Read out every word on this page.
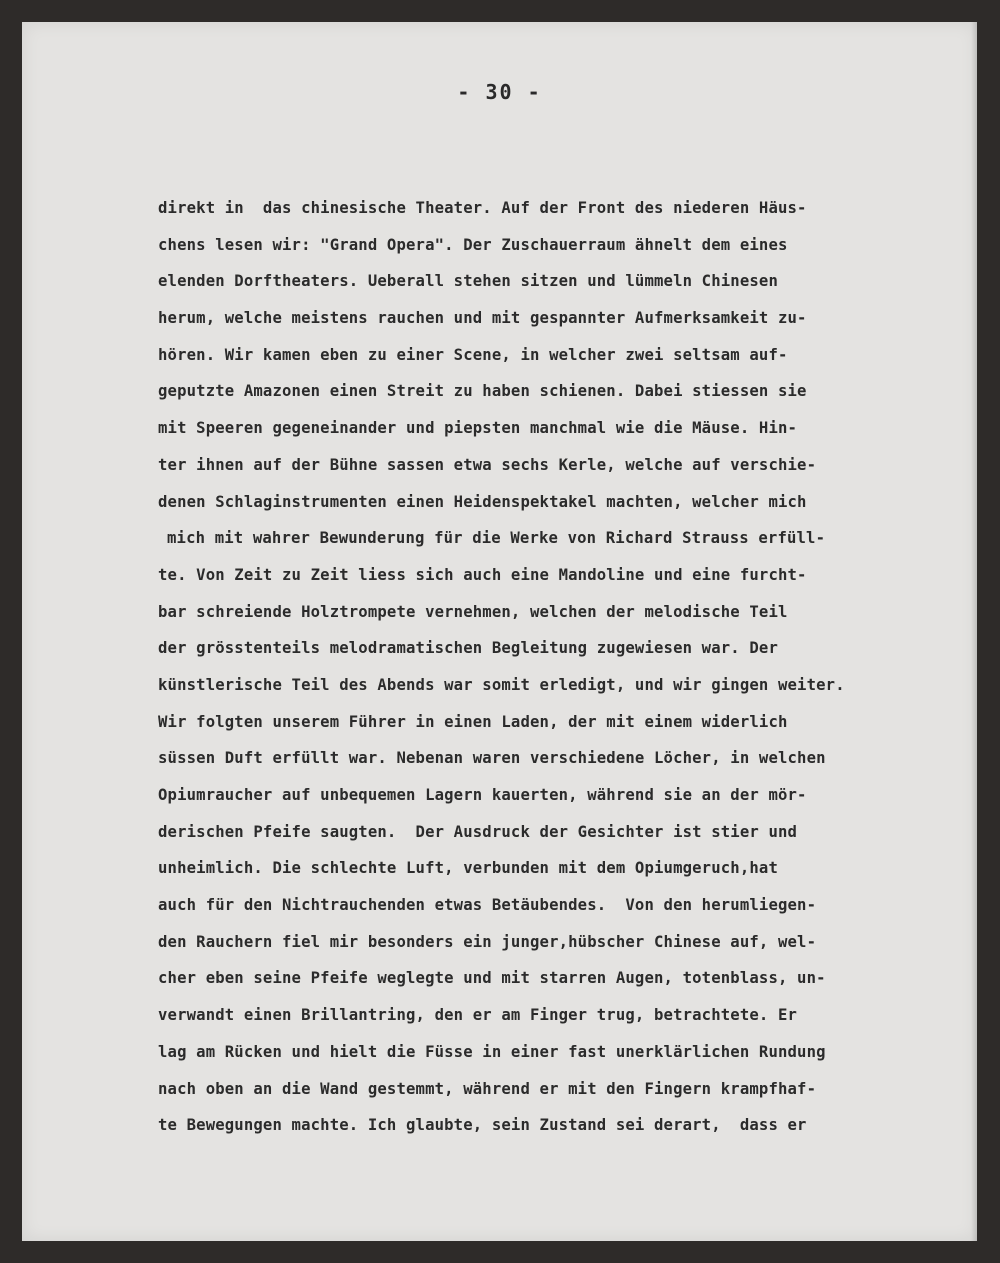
- 30 -
direkt in  das chinesische Theater. Auf der Front des niederen Häus-
chens lesen wir: "Grand Opera". Der Zuschauerraum ähnelt dem eines
elenden Dorftheaters. Ueberall stehen sitzen und lümmeln Chinesen
herum, welche meistens rauchen und mit gespannter Aufmerksamkeit zu-
hören. Wir kamen eben zu einer Scene, in welcher zwei seltsam auf-
geputzte Amazonen einen Streit zu haben schienen. Dabei stiessen sie
mit Speeren gegeneinander und piepsten manchmal wie die Mäuse. Hin-
ter ihnen auf der Bühne sassen etwa sechs Kerle, welche auf verschie-
denen Schlaginstrumenten einen Heidenspektakel machten, welcher mich
mich mit wahrer Bewunderung für die Werke von Richard Strauss erfüll-
te. Von Zeit zu Zeit liess sich auch eine Mandoline und eine furcht-
bar schreiende Holztrompete vernehmen, welchen der melodische Teil
der grösstenteils melodramatischen Begleitung zugewiesen war. Der
künstlerische Teil des Abends war somit erledigt, und wir gingen weiter.
Wir folgten unserem Führer in einen Laden, der mit einem widerlich
süssen Duft erfüllt war. Nebenan waren verschiedene Löcher, in welchen
Opiumraucher auf unbequemen Lagern kauerten, während sie an der mör-
derischen Pfeife saugten.  Der Ausdruck der Gesichter ist stier und
unheimlich. Die schlechte Luft, verbunden mit dem Opiumgeruch,hat
auch für den Nichtrauchenden etwas Betäubendes.  Von den herumliegen-
den Rauchern fiel mir besonders ein junger,hübscher Chinese auf, wel-
cher eben seine Pfeife weglegte und mit starren Augen, totenblass, un-
verwandt einen Brillantring, den er am Finger trug, betrachtete. Er
lag am Rücken und hielt die Füsse in einer fast unerklärlichen Rundung
nach oben an die Wand gestemmt, während er mit den Fingern krampfhaf-
te Bewegungen machte. Ich glaubte, sein Zustand sei derart,  dass er
